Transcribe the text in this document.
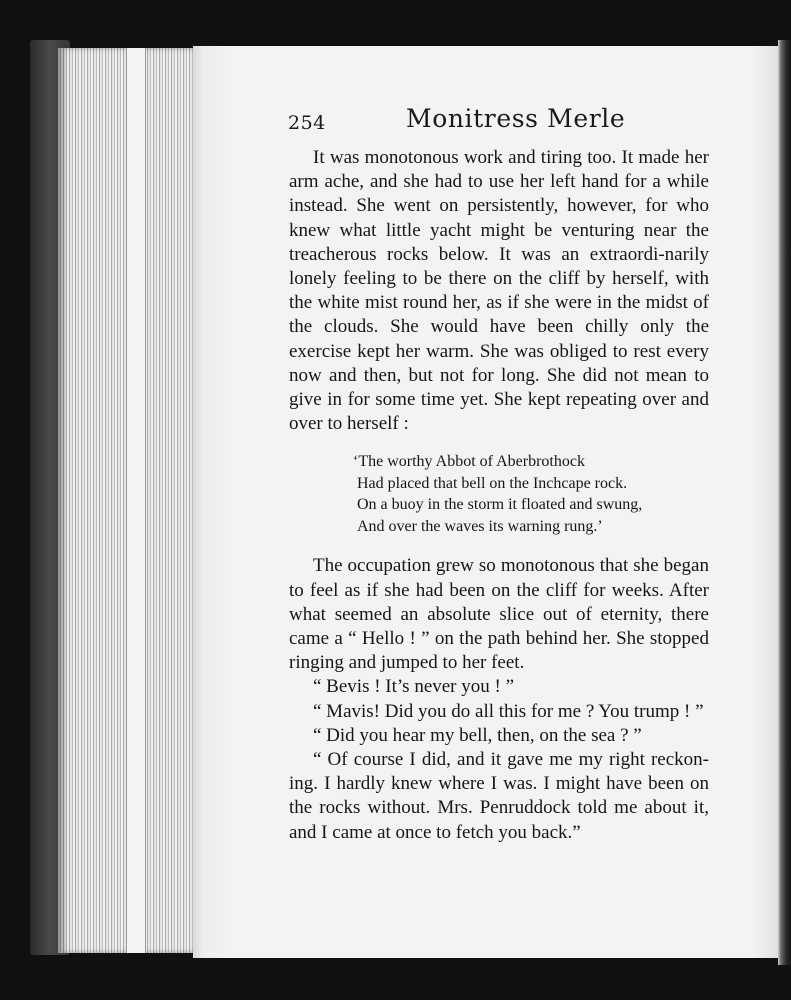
254	Monitress Merle

It was monotonous work and tiring too. It made her arm ache, and she had to use her left hand for a while instead. She went on persistently, however, for who knew what little yacht might be venturing near the treacherous rocks below. It was an extraordi-narily lonely feeling to be there on the cliff by herself, with the white mist round her, as if she were in the midst of the clouds. She would have been chilly only the exercise kept her warm. She was obliged to rest every now and then, but not for long. She did not mean to give in for some time yet. She kept repeating over and over to herself :

‘The worthy Abbot of Aberbrothock
Had placed that bell on the Inchcape rock.
On a buoy in the storm it floated and swung,
And over the waves its warning rung.’

The occupation grew so monotonous that she began to feel as if she had been on the cliff for weeks. After what seemed an absolute slice out of eternity, there came a “ Hello ! ” on the path behind her. She stopped ringing and jumped to her feet.

“ Bevis ! It’s never you ! ”

“ Mavis! Did you do all this for me ? You trump ! ”

“ Did you hear my bell, then, on the sea ? ”

“ Of course I did, and it gave me my right reckon-ing. I hardly knew where I was. I might have been on the rocks without. Mrs. Penruddock told me about it, and I came at once to fetch you back.”
